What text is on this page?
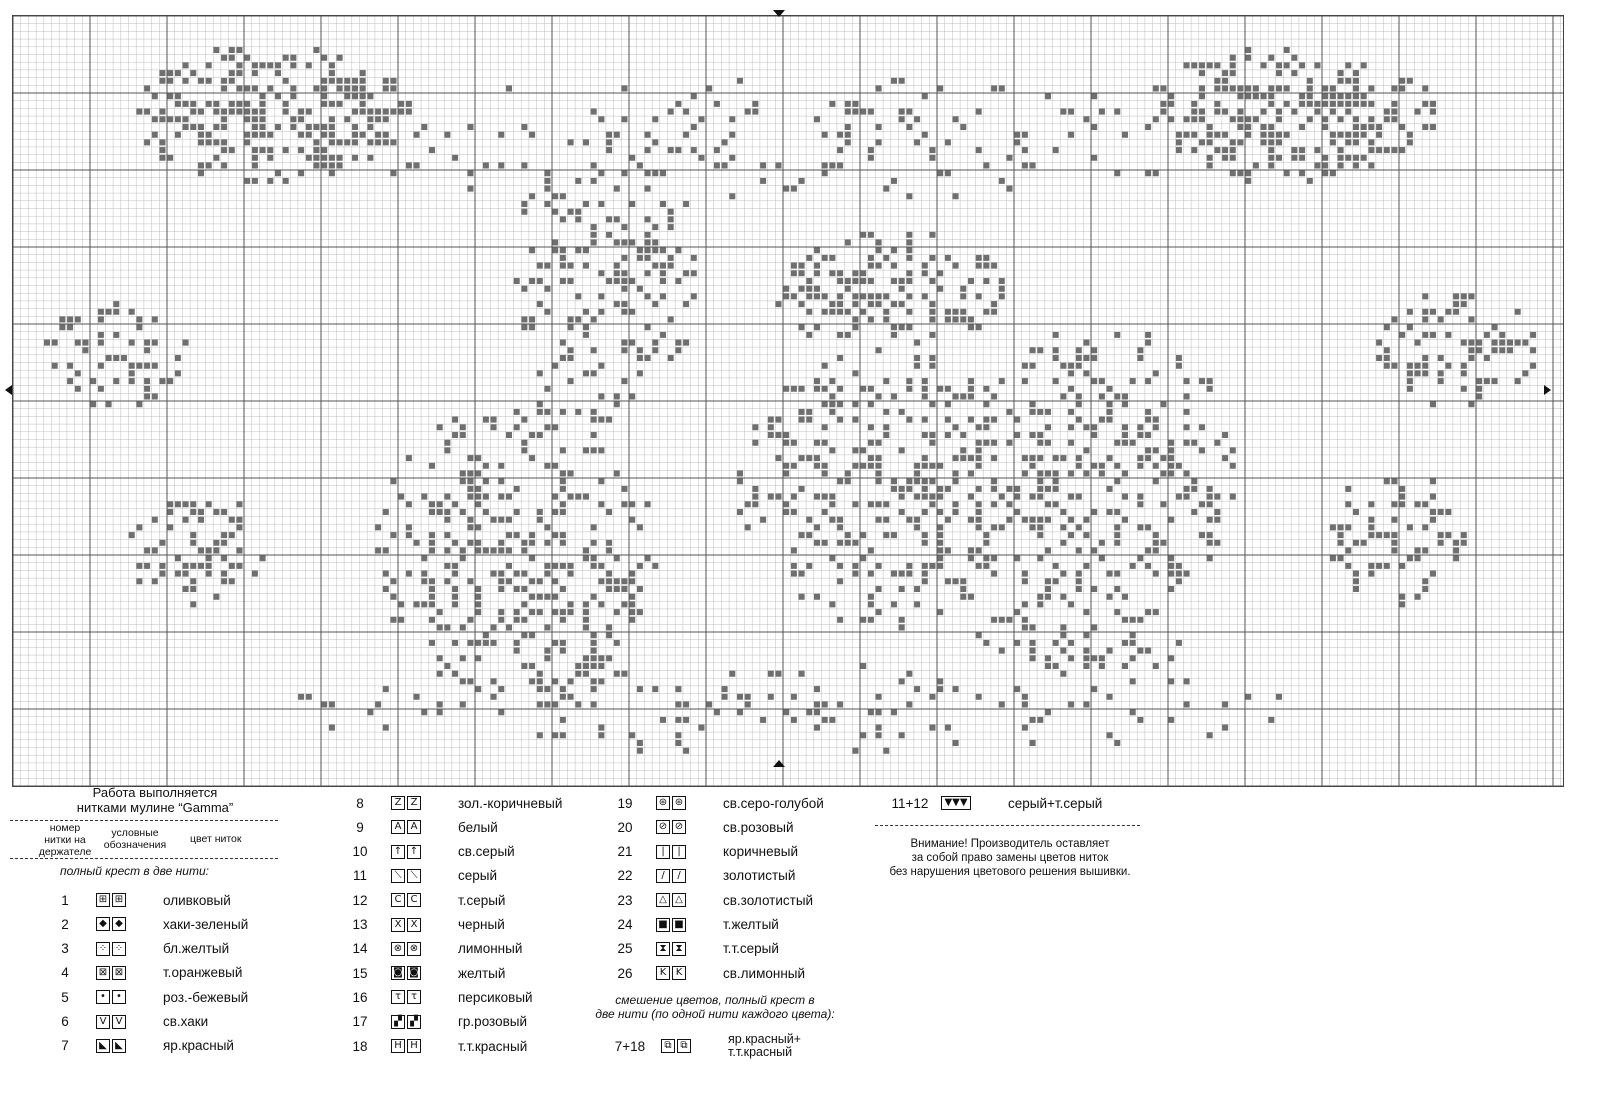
Работа выполняется
нитками мулине “Gamma”
номер
нитки на
держателе
условные
обозначения	цвет ниток
полный крест в две нити:
1	⊞ ⊞	оливковый
2	◆ ◆	хаки-зеленый
3	⁘ ⁘	бл.желтый
4	⊠ ⊠	т.оранжевый
5	•	•	роз.-бежевый
6	V V	св.хаки
7	◣ ◣	яр.красный
8	Z Z	зол.-коричневый
9	A A	белый
10	↑ ↑	св.серый
11	⟍ ⟍	серый
12	C C	т.серый
13	X X	черный
14	⊗ ⊗	лимонный
15	◙ ◙	желтый
16	τ τ	персиковый
17	▞ ▞	гр.розовый
18	H H	т.т.красный
19	⊛ ⊛	св.серо-голубой
20	⊘ ⊘	св.розовый
21	|	|	коричневый
22	/	/	золотистый
23	△ △	св.золотистый
24	■ ■	т.желтый
25	⧗ ⧗	т.т.серый
26	K K	св.лимонный
смешение цветов, полный крест в
две нити (по одной нити каждого цвета):
7+18	⧉ ⧉	яр.красный+
т.т.красный
11+12	▼▼▼	серый+т.серый
Внимание! Производитель оставляет
за собой право замены цветов ниток
без нарушения цветового решения вышивки.
